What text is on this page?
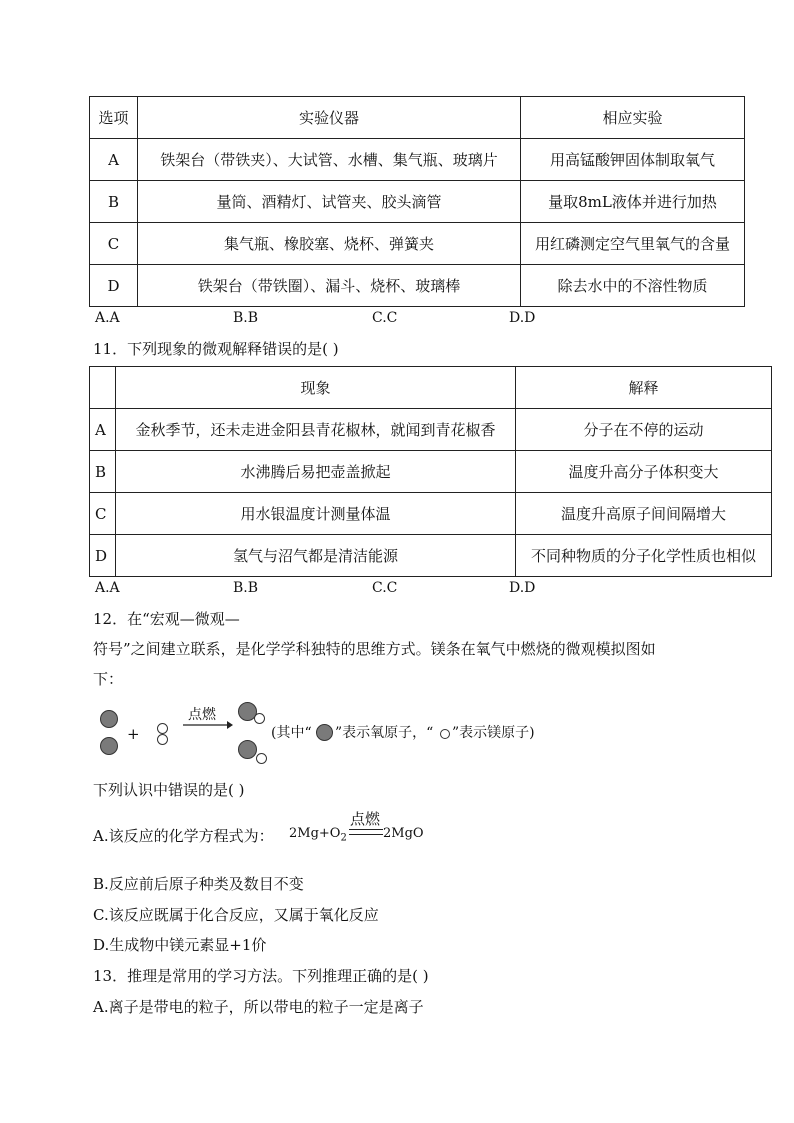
选项	实验仪器	相应实验
A	铁架台（带铁夹）、大试管、水槽、集气瓶、玻璃片	用高锰酸钾固体制取氧气
B	量筒、酒精灯、试管夹、胶头滴管	量取8mL液体并进行加热
C	集气瓶、橡胶塞、烧杯、弹簧夹	用红磷测定空气里氧气的含量
D	铁架台（带铁圈）、漏斗、烧杯、玻璃棒	除去水中的不溶性物质
A.A	B.B	C.C	D.D
11．下列现象的微观解释错误的是( )
	现象	解释
A	金秋季节，还未走进金阳县青花椒林，就闻到青花椒香	分子在不停的运动
B	水沸腾后易把壶盖掀起	温度升高分子体积变大
C	用水银温度计测量体温	温度升高原子间间隔增大
D	氢气与沼气都是清洁能源	不同种物质的分子化学性质也相似
A.A	B.B	C.C	D.D
12．在“宏观—微观—
符号”之间建立联系，是化学学科独特的思维方式。镁条在氧气中燃烧的微观模拟图如
下：
+
点燃
(其中“ ”表示氧原子，“ ”表示镁原子)
下列认识中错误的是( )
A.该反应的化学方程式为： $2Mg+O_2$
点燃
2MgO
B.反应前后原子种类及数目不变
C.该反应既属于化合反应，又属于氧化反应
D.生成物中镁元素显+1价
13．推理是常用的学习方法。下列推理正确的是( )
A.离子是带电的粒子，所以带电的粒子一定是离子
